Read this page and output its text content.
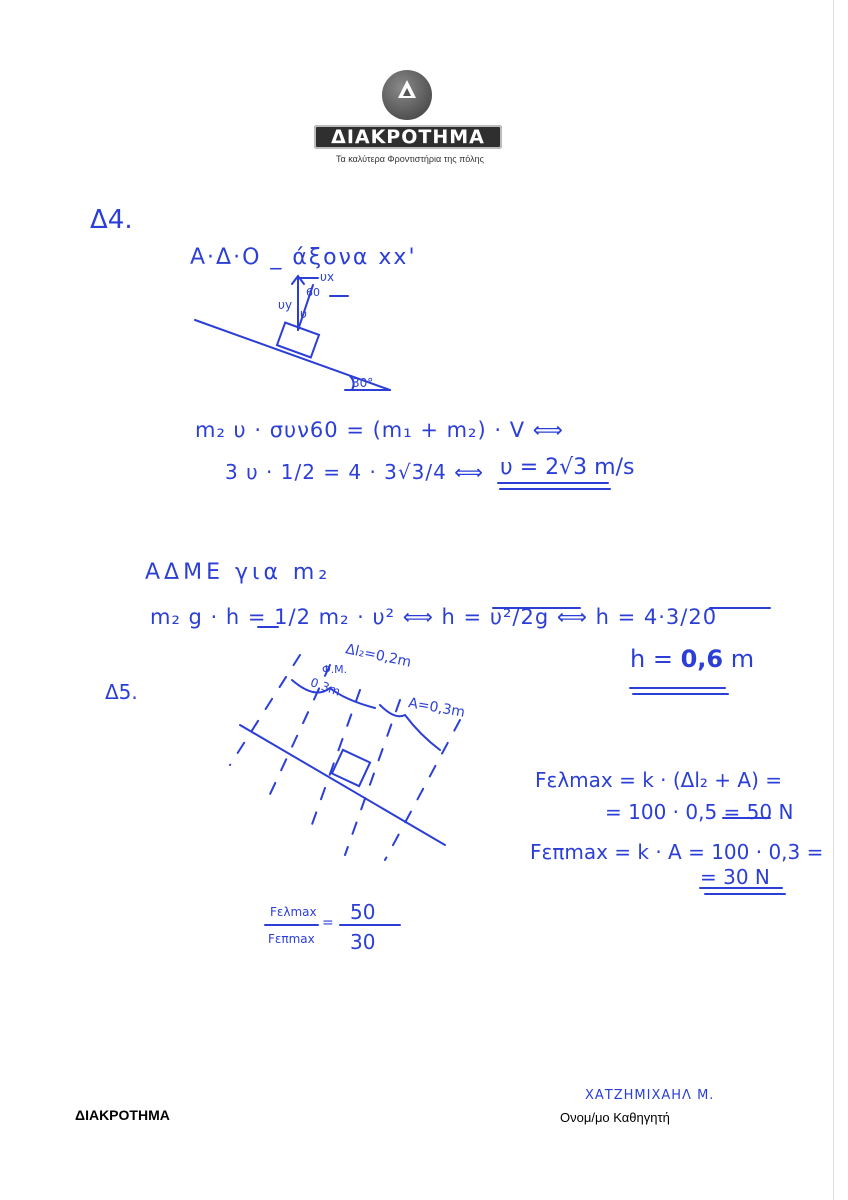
ΔΙΑΚΡΟΤΗΜΑ
Τα καλύτερα Φροντιστήρια της πόλης
Δ4.
Α·Δ·Ο _ άξονα xx'
60
υx
υy
υ
30°
m₂ υ · συν60 = (m₁ + m₂) · V ⟺
3 υ · 1/2 = 4 · 3√3/4 ⟺ υ = 2√3 m/s
ΑΔΜΕ για m₂
m₂ g · h = 1/2 m₂ · υ² ⟺ h = υ²/2g ⟺ h = 4·3/20
h = 0,6 m
Δ5.
Δl₂=0,2m
Φ.Μ.
0,3m
A=0,3m
Fελmax = k · (Δl₂ + A) =
= 100 · 0,5 = 50 N
Fεπmax = k · A = 100 · 0,3 =
= 30 N
Fελmax
Fεπmax
= 50
30
ΔΙΑΚΡΟΤΗΜΑ
ΧΑΤΖΗΜΙΧΑΗΛ Μ.
Ονομ/μο Καθηγητή
